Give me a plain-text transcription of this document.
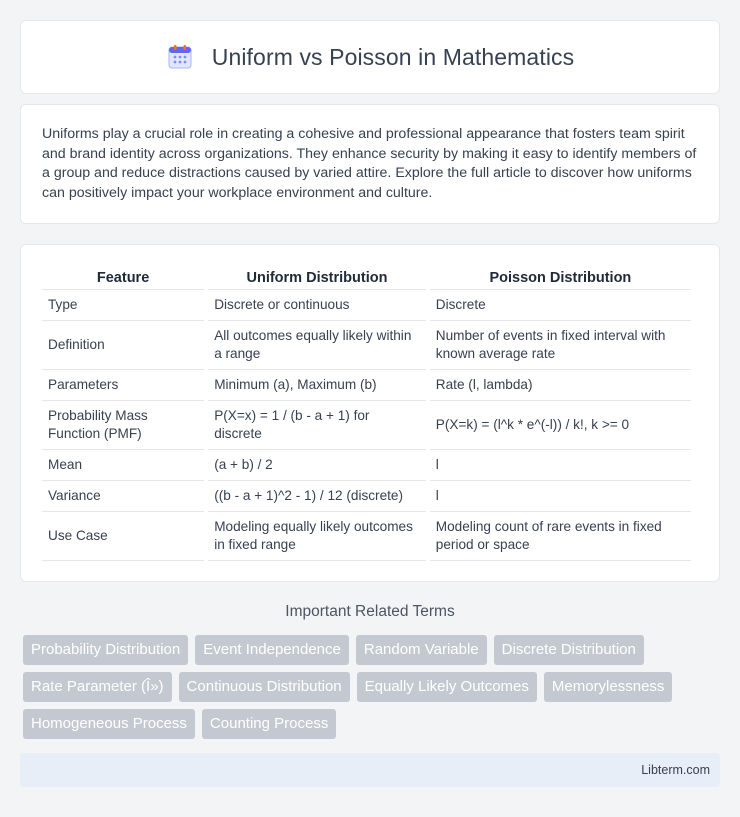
Uniform vs Poisson in Mathematics

Uniforms play a crucial role in creating a cohesive and professional appearance that fosters team spirit and brand identity across organizations. They enhance security by making it easy to identify members of a group and reduce distractions caused by varied attire. Explore the full article to discover how uniforms can positively impact your workplace environment and culture.

Feature	Uniform Distribution	Poisson Distribution
Type	Discrete or continuous	Discrete
Definition	All outcomes equally likely within a range	Number of events in fixed interval with known average rate
Parameters	Minimum (a), Maximum (b)	Rate (l, lambda)
Probability Mass Function (PMF)	P(X=x) = 1 / (b - a + 1) for discrete	P(X=k) = (l^k * e^(-l)) / k!, k >= 0
Mean	(a + b) / 2	l
Variance	((b - a + 1)^2 - 1) / 12 (discrete)	l
Use Case	Modeling equally likely outcomes in fixed range	Modeling count of rare events in fixed period or space
Important Related Terms
Probability Distribution	Event Independence	Random Variable	Discrete Distribution
Rate Parameter (Î»)	Continuous Distribution	Equally Likely Outcomes	Memorylessness
Homogeneous Process	Counting Process
Libterm.com
